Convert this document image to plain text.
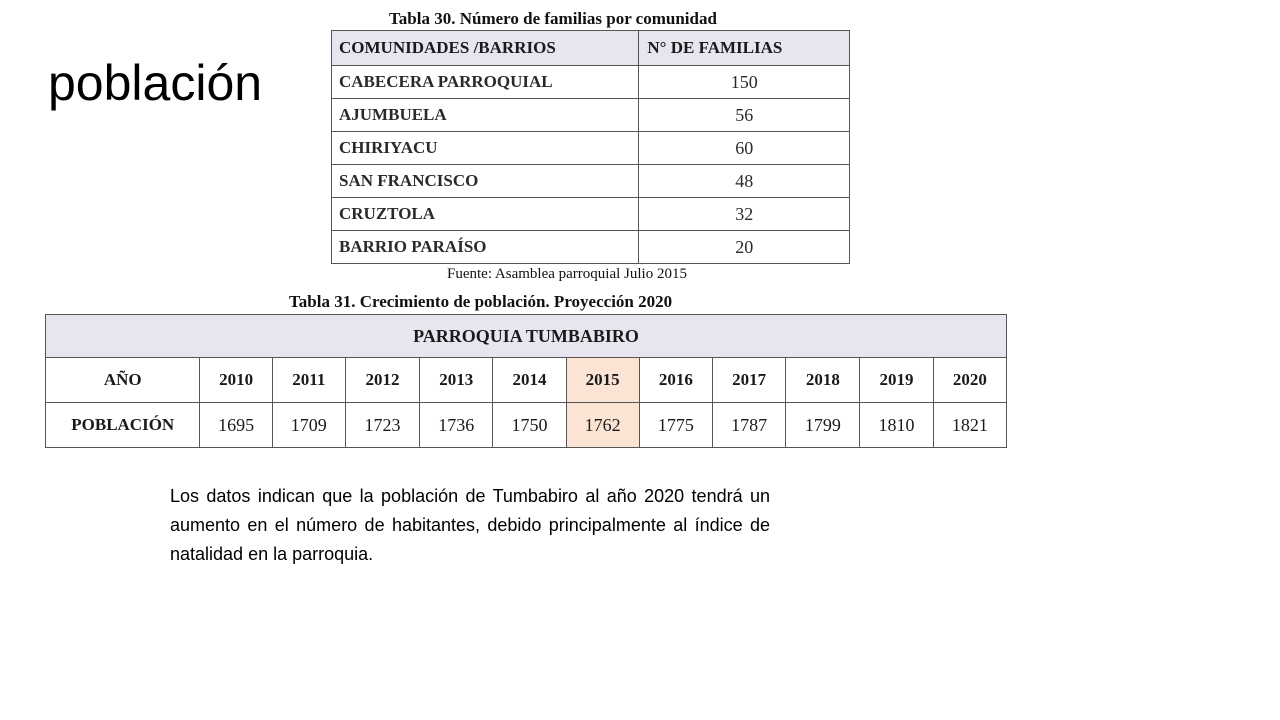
población
Tabla 30. Número de familias por comunidad
COMUNIDADES /BARRIOS	N° DE FAMILIAS
CABECERA PARROQUIAL	150
AJUMBUELA	56
CHIRIYACU	60
SAN FRANCISCO	48
CRUZTOLA	32
BARRIO PARAÍSO	20
Fuente: Asamblea parroquial Julio 2015
Tabla 31. Crecimiento de población. Proyección 2020
PARROQUIA TUMBABIRO											
AÑO	2010	2011	2012	2013	2014	2015	2016	2017	2018	2019	2020
POBLACIÓN	1695	1709	1723	1736	1750	1762	1775	1787	1799	1810	1821

Los datos indican que la población de Tumbabiro al año 2020 tendrá un aumento en el número de habitantes, debido principalmente al índice de natalidad en la parroquia.
